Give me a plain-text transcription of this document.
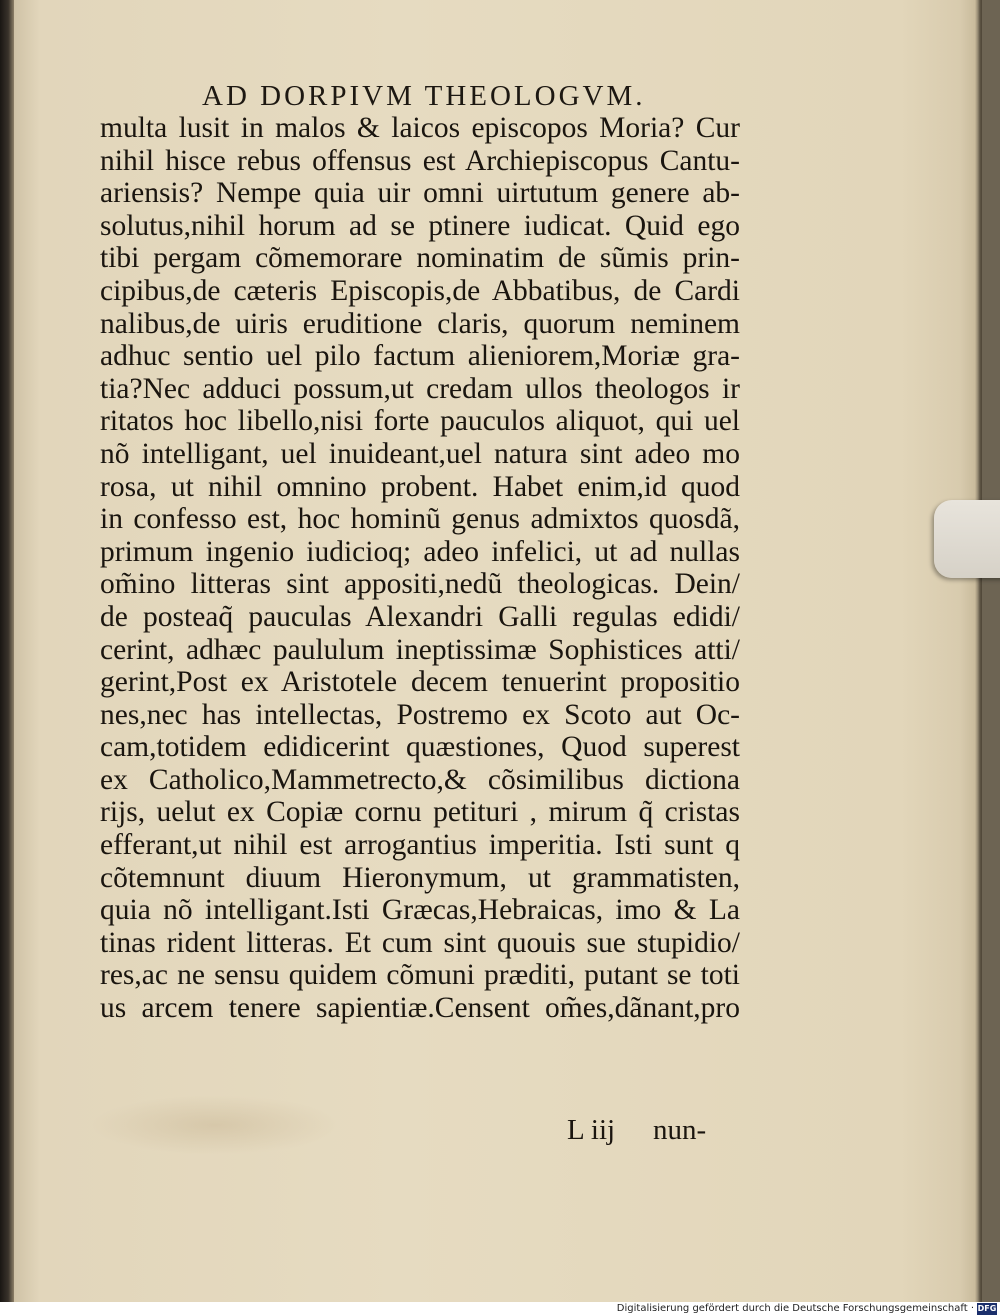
AD DORPIVM THEOLOGVM.
multa lusit in malos & laicos episcopos Moria? Cur
nihil hisce rebus offensus est Archiepiscopus Cantu-
ariensis? Nempe quia uir omni uirtutum genere ab-
solutus,nihil horum ad se ptinere iudicat. Quid ego
tibi pergam cõmemorare nominatim de sũmis prin-
cipibus,de cæteris Episcopis,de Abbatibus, de Cardi
nalibus,de uiris eruditione claris, quorum neminem
adhuc sentio uel pilo factum alieniorem,Moriæ gra-
tia?Nec adduci possum,ut credam ullos theologos ir
ritatos hoc libello,nisi forte pauculos aliquot, qui uel
nõ intelligant, uel inuideant,uel natura sint adeo mo
rosa, ut nihil omnino probent. Habet enim,id quod
in confesso est, hoc hominũ genus admixtos quosdã,
primum ingenio iudicioq; adeo infelici, ut ad nullas
om̃ino litteras sint appositi,nedũ theologicas. Dein/
de posteaq̃ pauculas Alexandri Galli regulas edidi/
cerint, adhæc paululum ineptissimæ Sophistices atti/
gerint,Post ex Aristotele decem tenuerint propositio
nes,nec has intellectas, Postremo ex Scoto aut Oc-
cam,totidem edidicerint quæstiones, Quod superest
ex Catholico,Mammetrecto,& cõsimilibus dictiona
rijs, uelut ex Copiæ cornu petituri , mirum q̃ cristas
efferant,ut nihil est arrogantius imperitia. Isti sunt q
cõtemnunt diuum Hieronymum, ut grammatisten,
quia nõ intelligant.Isti Græcas,Hebraicas, imo & La
tinas rident litteras. Et cum sint quouis sue stupidio/
res,ac ne sensu quidem cõmuni præditi, putant se toti
us arcem tenere sapientiæ.Censent om̃es,dãnant,pro
L iij nun-
Digitalisierung gefördert durch die Deutsche Forschungsgemeinschaft · DFG
